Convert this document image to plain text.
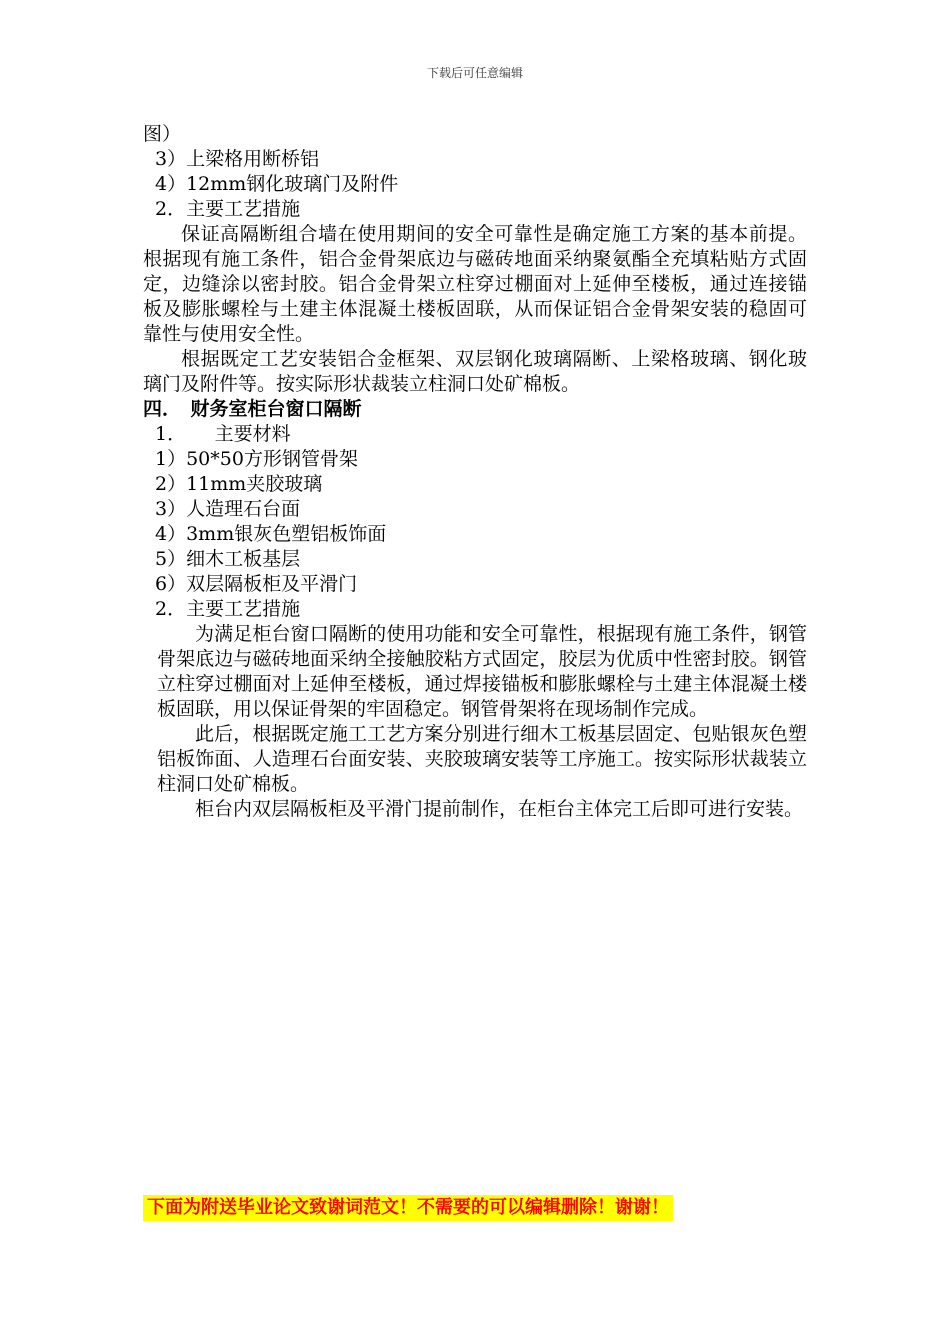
下载后可任意编辑
图）
3）上梁格用断桥铝
4）12mm钢化玻璃门及附件
2．主要工艺措施
保证高隔断组合墙在使用期间的安全可靠性是确定施工方案的基本前提。根据现有施工条件，铝合金骨架底边与磁砖地面采纳聚氨酯全充填粘贴方式固定，边缝涂以密封胶。铝合金骨架立柱穿过棚面对上延伸至楼板，通过连接锚板及膨胀螺栓与土建主体混凝土楼板固联，从而保证铝合金骨架安装的稳固可靠性与使用安全性。
根据既定工艺安装铝合金框架、双层钢化玻璃隔断、上梁格玻璃、钢化玻璃门及附件等。按实际形状裁装立柱洞口处矿棉板。
四．　财务室柜台窗口隔断
1．　　主要材料
1）50*50方形钢管骨架
2）11mm夹胶玻璃
3）人造理石台面
4）3mm银灰色塑铝板饰面
5）细木工板基层
6）双层隔板柜及平滑门
2．主要工艺措施
为满足柜台窗口隔断的使用功能和安全可靠性，根据现有施工条件，钢管骨架底边与磁砖地面采纳全接触胶粘方式固定，胶层为优质中性密封胶。钢管立柱穿过棚面对上延伸至楼板，通过焊接锚板和膨胀螺栓与土建主体混凝土楼板固联，用以保证骨架的牢固稳定。钢管骨架将在现场制作完成。
此后，根据既定施工工艺方案分别进行细木工板基层固定、包贴银灰色塑铝板饰面、人造理石台面安装、夹胶玻璃安装等工序施工。按实际形状裁装立柱洞口处矿棉板。
柜台内双层隔板柜及平滑门提前制作，在柜台主体完工后即可进行安装。
下面为附送毕业论文致谢词范文！不需要的可以编辑删除！谢谢！
